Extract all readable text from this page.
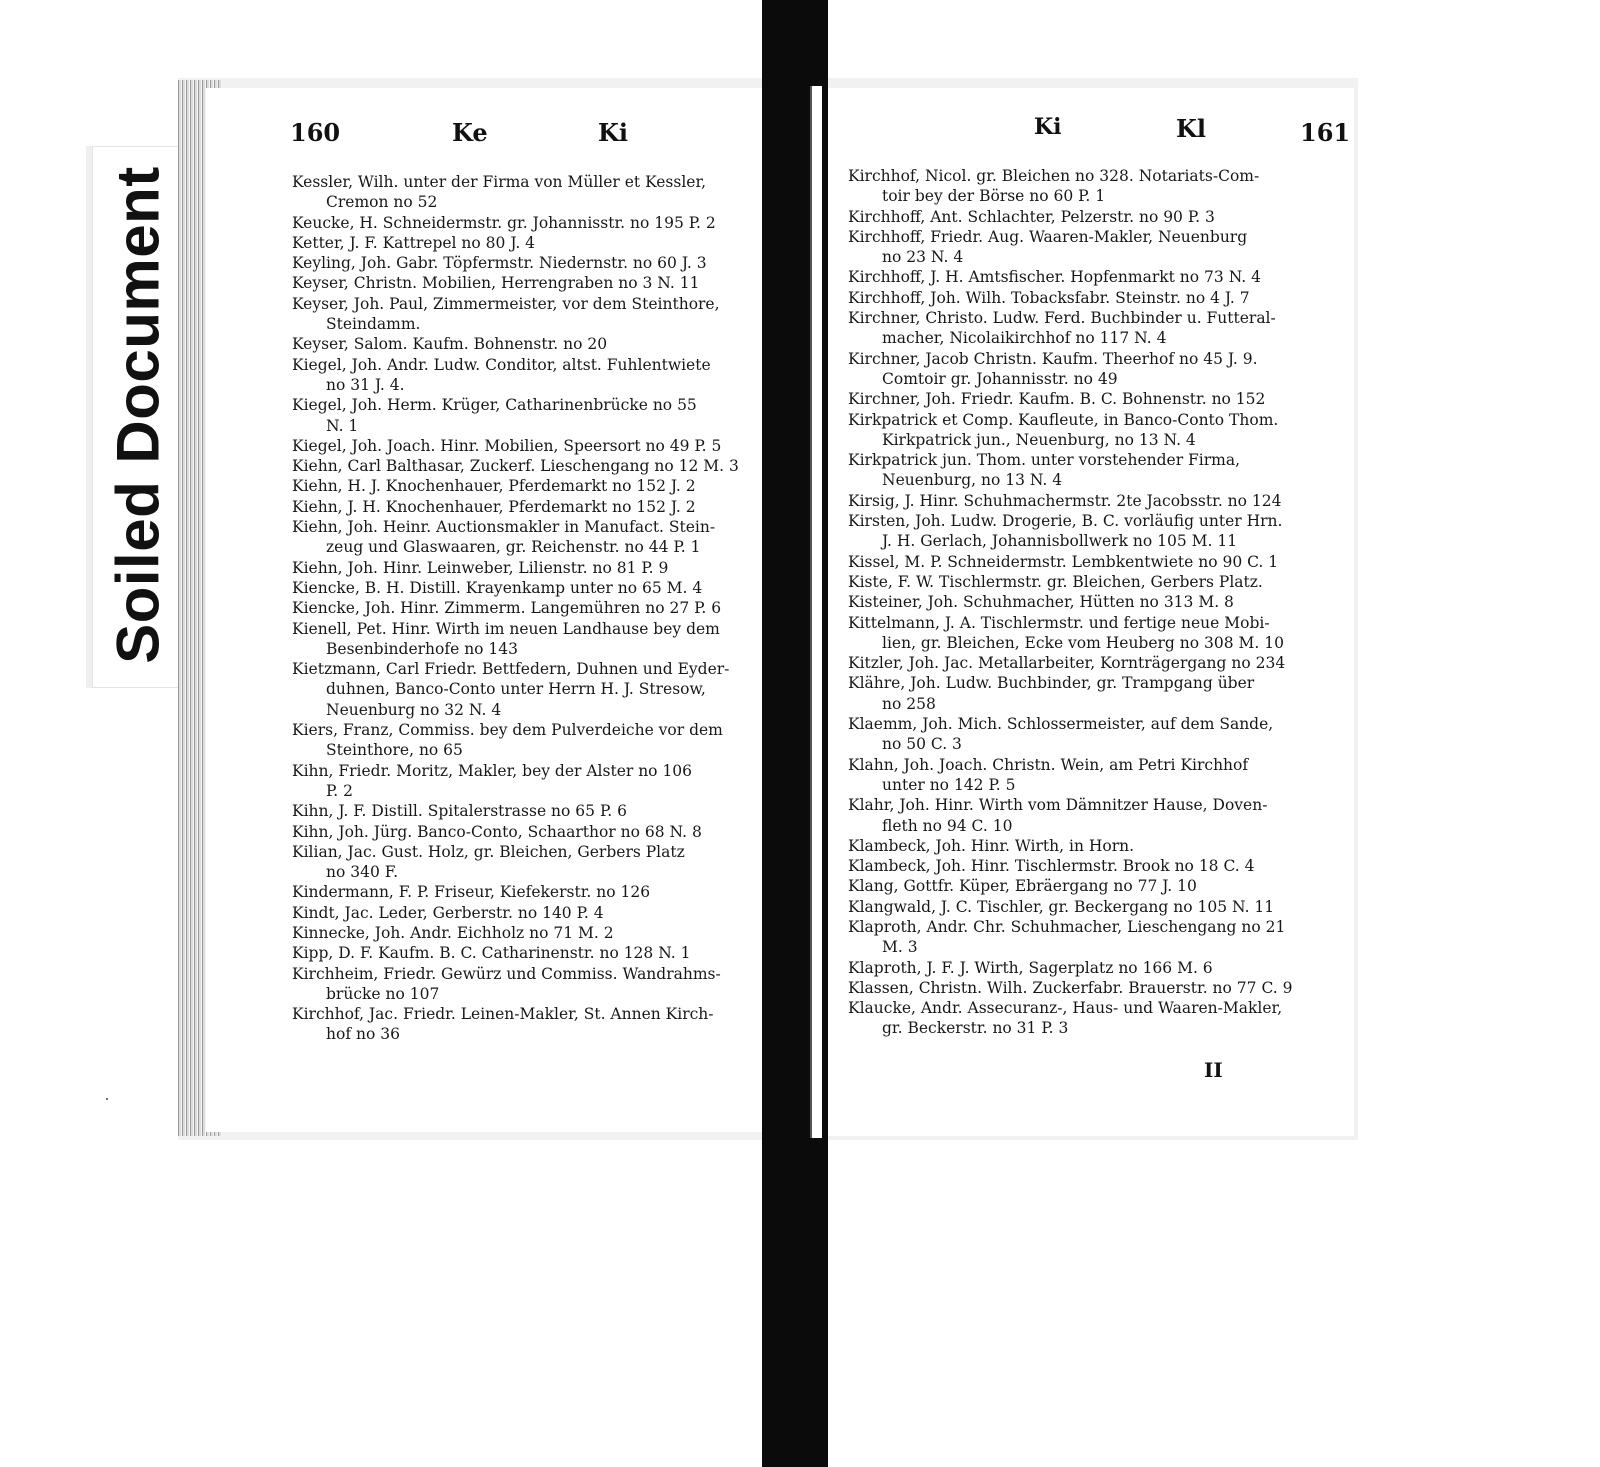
Soiled Document
160	Ke	Ki	Ki	Kl	161
Kessler, Wilh. unter der Firma von Müller et Kessler,
Cremon no 52
Keucke, H. Schneidermstr. gr. Johannisstr. no 195 P. 2
Ketter, J. F. Kattrepel no 80 J. 4
Keyling, Joh. Gabr. Töpfermstr. Niedernstr. no 60 J. 3
Keyser, Christn. Mobilien, Herrengraben no 3 N. 11
Keyser, Joh. Paul, Zimmermeister, vor dem Steinthore,
Steindamm.
Keyser, Salom. Kaufm. Bohnenstr. no 20
Kiegel, Joh. Andr. Ludw. Conditor, altst. Fuhlentwiete
no 31 J. 4.
Kiegel, Joh. Herm. Krüger, Catharinenbrücke no 55
N. 1
Kiegel, Joh. Joach. Hinr. Mobilien, Speersort no 49 P. 5
Kiehn, Carl Balthasar, Zuckerf. Lieschengang no 12 M. 3
Kiehn, H. J. Knochenhauer, Pferdemarkt no 152 J. 2
Kiehn, J. H. Knochenhauer, Pferdemarkt no 152 J. 2
Kiehn, Joh. Heinr. Auctionsmakler in Manufact. Stein-
zeug und Glaswaaren, gr. Reichenstr. no 44 P. 1
Kiehn, Joh. Hinr. Leinweber, Lilienstr. no 81 P. 9
Kiencke, B. H. Distill. Krayenkamp unter no 65 M. 4
Kiencke, Joh. Hinr. Zimmerm. Langemühren no 27 P. 6
Kienell, Pet. Hinr. Wirth im neuen Landhause bey dem
Besenbinderhofe no 143
Kietzmann, Carl Friedr. Bettfedern, Duhnen und Eyder-
duhnen, Banco-Conto unter Herrn H. J. Stresow,
Neuenburg no 32 N. 4
Kiers, Franz, Commiss. bey dem Pulverdeiche vor dem
Steinthore, no 65
Kihn, Friedr. Moritz, Makler, bey der Alster no 106
P. 2
Kihn, J. F. Distill. Spitalerstrasse no 65 P. 6
Kihn, Joh. Jürg. Banco-Conto, Schaarthor no 68 N. 8
Kilian, Jac. Gust. Holz, gr. Bleichen, Gerbers Platz
no 340 F.
Kindermann, F. P. Friseur, Kiefekerstr. no 126
Kindt, Jac. Leder, Gerberstr. no 140 P. 4
Kinnecke, Joh. Andr. Eichholz no 71 M. 2
Kipp, D. F. Kaufm. B. C. Catharinenstr. no 128 N. 1
Kirchheim, Friedr. Gewürz und Commiss. Wandrahms-
brücke no 107
Kirchhof, Jac. Friedr. Leinen-Makler, St. Annen Kirch-
hof no 36
Kirchhof, Nicol. gr. Bleichen no 328. Notariats-Com-
toir bey der Börse no 60 P. 1
Kirchhoff, Ant. Schlachter, Pelzerstr. no 90 P. 3
Kirchhoff, Friedr. Aug. Waaren-Makler, Neuenburg
no 23 N. 4
Kirchhoff, J. H. Amtsfischer. Hopfenmarkt no 73 N. 4
Kirchhoff, Joh. Wilh. Tobacksfabr. Steinstr. no 4 J. 7
Kirchner, Christo. Ludw. Ferd. Buchbinder u. Futteral-
macher, Nicolaikirchhof no 117 N. 4
Kirchner, Jacob Christn. Kaufm. Theerhof no 45 J. 9.
Comtoir gr. Johannisstr. no 49
Kirchner, Joh. Friedr. Kaufm. B. C. Bohnenstr. no 152
Kirkpatrick et Comp. Kaufleute, in Banco-Conto Thom.
Kirkpatrick jun., Neuenburg, no 13 N. 4
Kirkpatrick jun. Thom. unter vorstehender Firma,
Neuenburg, no 13 N. 4
Kirsig, J. Hinr. Schuhmachermstr. 2te Jacobsstr. no 124
Kirsten, Joh. Ludw. Drogerie, B. C. vorläufig unter Hrn.
J. H. Gerlach, Johannisbollwerk no 105 M. 11
Kissel, M. P. Schneidermstr. Lembkentwiete no 90 C. 1
Kiste, F. W. Tischlermstr. gr. Bleichen, Gerbers Platz.
Kisteiner, Joh. Schuhmacher, Hütten no 313 M. 8
Kittelmann, J. A. Tischlermstr. und fertige neue Mobi-
lien, gr. Bleichen, Ecke vom Heuberg no 308 M. 10
Kitzler, Joh. Jac. Metallarbeiter, Kornträgergang no 234
Klähre, Joh. Ludw. Buchbinder, gr. Trampgang über
no 258
Klaemm, Joh. Mich. Schlossermeister, auf dem Sande,
no 50 C. 3
Klahn, Joh. Joach. Christn. Wein, am Petri Kirchhof
unter no 142 P. 5
Klahr, Joh. Hinr. Wirth vom Dämnitzer Hause, Doven-
fleth no 94 C. 10
Klambeck, Joh. Hinr. Wirth, in Horn.
Klambeck, Joh. Hinr. Tischlermstr. Brook no 18 C. 4
Klang, Gottfr. Küper, Ebräergang no 77 J. 10
Klangwald, J. C. Tischler, gr. Beckergang no 105 N. 11
Klaproth, Andr. Chr. Schuhmacher, Lieschengang no 21
M. 3
Klaproth, J. F. J. Wirth, Sagerplatz no 166 M. 6
Klassen, Christn. Wilh. Zuckerfabr. Brauerstr. no 77 C. 9
Klaucke, Andr. Assecuranz-, Haus- und Waaren-Makler,
gr. Beckerstr. no 31 P. 3
II
